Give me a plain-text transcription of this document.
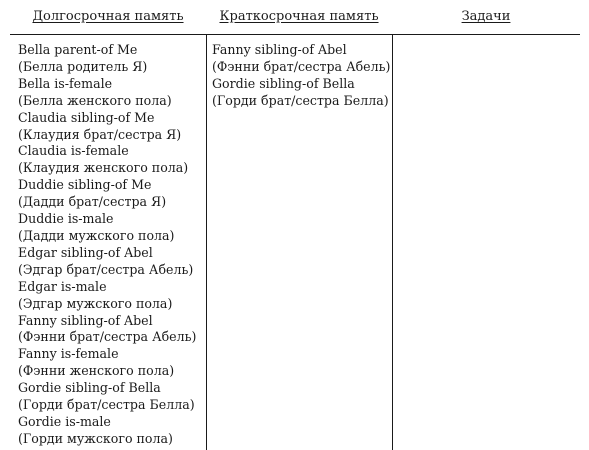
Долгосрочная память	Краткосрочная память	Задачи
Bella parent-of Me
(Белла родитель Я)
Bella is-female
(Белла женского пола)
Claudia sibling-of Me
(Клаудия брат/сестра Я)
Claudia is-female
(Клаудия женского пола)
Duddie sibling-of Me
(Дадди брат/сестра Я)
Duddie is-male
(Дадди мужского пола)
Edgar sibling-of Abel
(Эдгар брат/сестра Абель)
Edgar is-male
(Эдгар мужского пола)
Fanny sibling-of Abel
(Фэнни брат/сестра Абель)
Fanny is-female
(Фэнни женского пола)
Gordie sibling-of Bella
(Горди брат/сестра Белла)
Gordie is-male
(Горди мужского пола)
Fanny sibling-of Abel
(Фэнни брат/сестра Абель)
Gordie sibling-of Bella
(Горди брат/сестра Белла)
